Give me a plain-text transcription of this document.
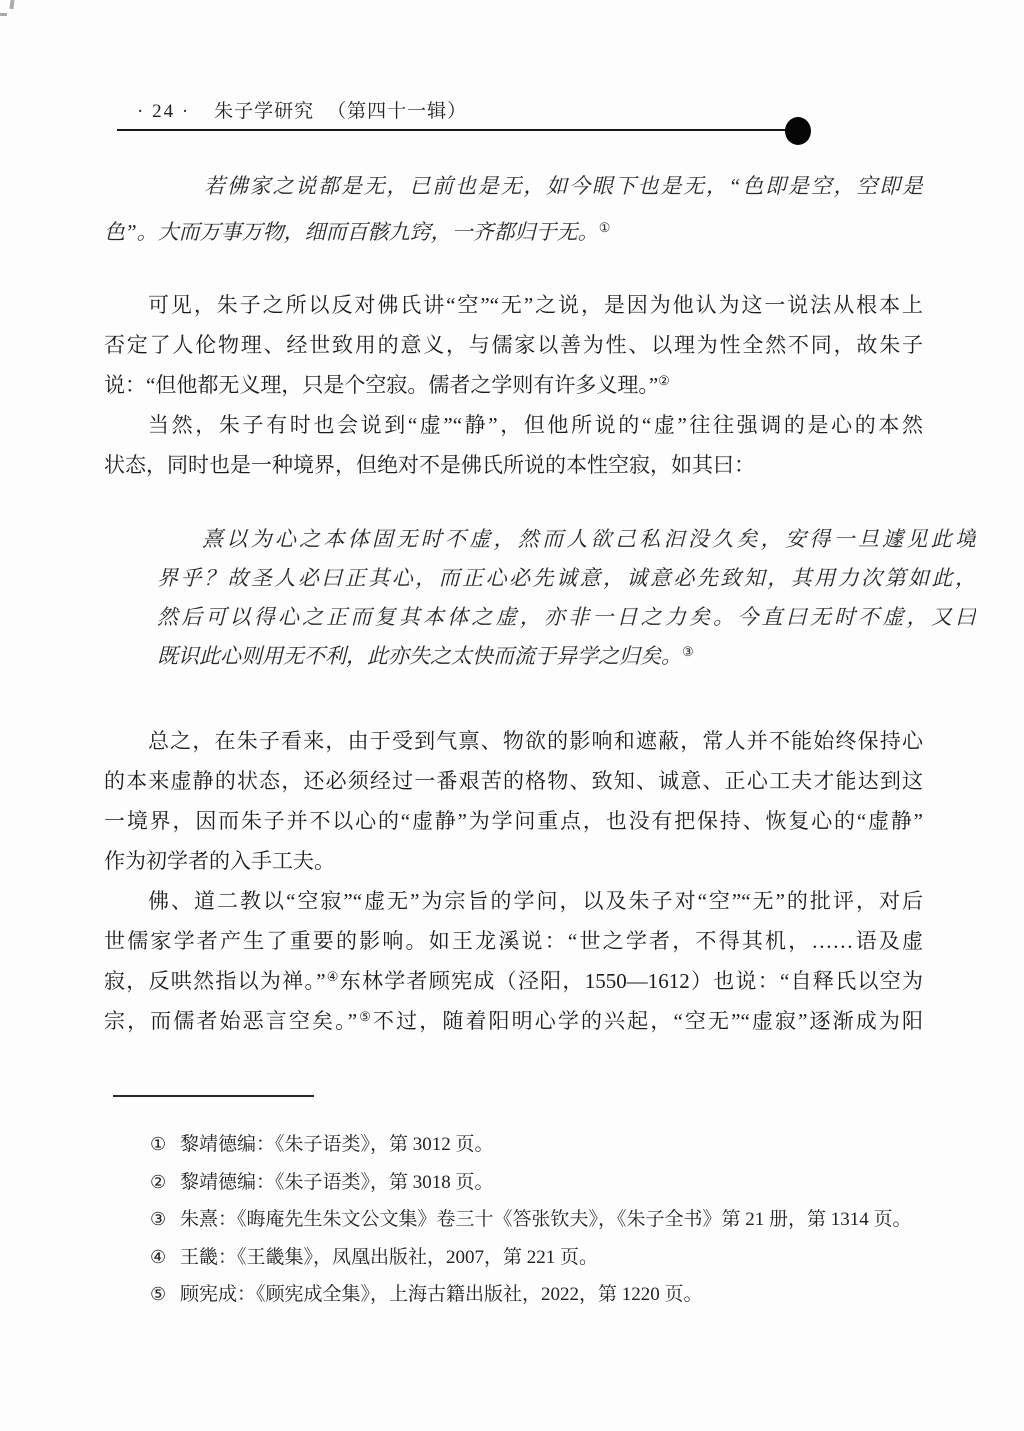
· 24 · 朱子学研究 （第四十一辑）
若佛家之说都是无，已前也是无，如今眼下也是无，“色即是空，空即是
色”。大而万事万物，细而百骸九窍，一齐都归于无。①
可见，朱子之所以反对佛氏讲“空”“无”之说，是因为他认为这一说法从根本上
否定了人伦物理、经世致用的意义，与儒家以善为性、以理为性全然不同，故朱子
说：“但他都无义理，只是个空寂。儒者之学则有许多义理。”②
当然，朱子有时也会说到“虚”“静”，但他所说的“虚”往往强调的是心的本然
状态，同时也是一种境界，但绝对不是佛氏所说的本性空寂，如其曰：
熹以为心之本体固无时不虚，然而人欲己私汩没久矣，安得一旦遽见此境
界乎？故圣人必曰正其心，而正心必先诚意，诚意必先致知，其用力次第如此，
然后可以得心之正而复其本体之虚，亦非一日之力矣。今直曰无时不虚，又曰
既识此心则用无不利，此亦失之太快而流于异学之归矣。③
总之，在朱子看来，由于受到气禀、物欲的影响和遮蔽，常人并不能始终保持心
的本来虚静的状态，还必须经过一番艰苦的格物、致知、诚意、正心工夫才能达到这
一境界，因而朱子并不以心的“虚静”为学问重点，也没有把保持、恢复心的“虚静”
作为初学者的入手工夫。
佛、道二教以“空寂”“虚无”为宗旨的学问，以及朱子对“空”“无”的批评，对后
世儒家学者产生了重要的影响。如王龙溪说：“世之学者，不得其机，……语及虚
寂，反哄然指以为禅。”④东林学者顾宪成（泾阳，1550—1612）也说：“自释氏以空为
宗，而儒者始恶言空矣。”⑤不过，随着阳明心学的兴起，“空无”“虚寂”逐渐成为阳
① 黎靖德编：《朱子语类》，第 3012 页。
② 黎靖德编：《朱子语类》，第 3018 页。
③ 朱熹：《晦庵先生朱文公文集》卷三十《答张钦夫》，《朱子全书》第 21 册，第 1314 页。
④ 王畿：《王畿集》，凤凰出版社，2007，第 221 页。
⑤ 顾宪成：《顾宪成全集》，上海古籍出版社，2022，第 1220 页。
